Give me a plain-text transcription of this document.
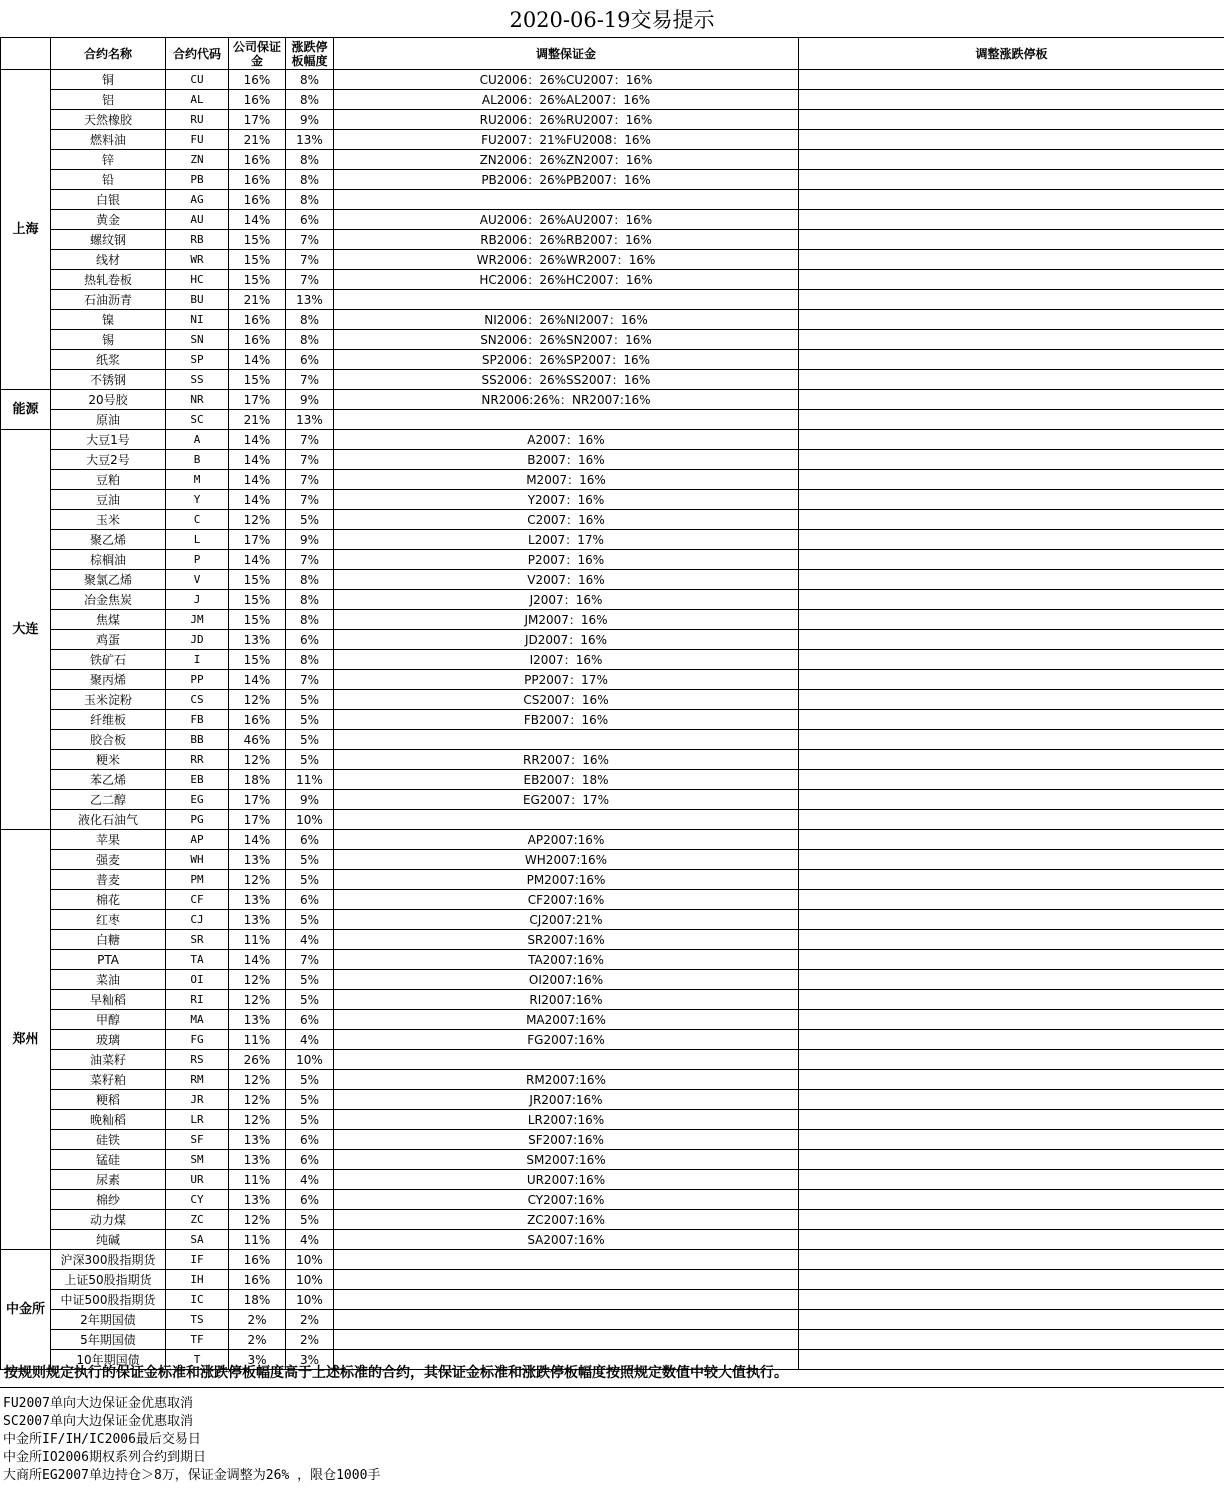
2020-06-19交易提示
	合约名称	合约代码	公司保证金	涨跌停板幅度	调整保证金	调整涨跌停板
上海	铜	CU	16%	8%	CU2006：26%CU2007：16%	
	铝	AL	16%	8%	AL2006：26%AL2007：16%	
	天然橡胶	RU	17%	9%	RU2006：26%RU2007：16%	
	燃料油	FU	21%	13%	FU2007：21%FU2008：16%	
	锌	ZN	16%	8%	ZN2006：26%ZN2007：16%	
	铅	PB	16%	8%	PB2006：26%PB2007：16%	
	白银	AG	16%	8%		
	黄金	AU	14%	6%	AU2006：26%AU2007：16%	
	螺纹钢	RB	15%	7%	RB2006：26%RB2007：16%	
	线材	WR	15%	7%	WR2006：26%WR2007：16%	
	热轧卷板	HC	15%	7%	HC2006：26%HC2007：16%	
	石油沥青	BU	21%	13%		
	镍	NI	16%	8%	NI2006：26%NI2007：16%	
	锡	SN	16%	8%	SN2006：26%SN2007：16%	
	纸浆	SP	14%	6%	SP2006：26%SP2007：16%	
	不锈钢	SS	15%	7%	SS2006：26%SS2007：16%	
能源	20号胶	NR	17%	9%	NR2006:26%：NR2007:16%	
	原油	SC	21%	13%		
大连	大豆1号	A	14%	7%	A2007：16%	
	大豆2号	B	14%	7%	B2007：16%	
	豆粕	M	14%	7%	M2007：16%	
	豆油	Y	14%	7%	Y2007：16%	
	玉米	C	12%	5%	C2007：16%	
	聚乙烯	L	17%	9%	L2007：17%	
	棕榈油	P	14%	7%	P2007：16%	
	聚氯乙烯	V	15%	8%	V2007：16%	
	冶金焦炭	J	15%	8%	J2007：16%	
	焦煤	JM	15%	8%	JM2007：16%	
	鸡蛋	JD	13%	6%	JD2007：16%	
	铁矿石	I	15%	8%	I2007：16%	
	聚丙烯	PP	14%	7%	PP2007：17%	
	玉米淀粉	CS	12%	5%	CS2007：16%	
	纤维板	FB	16%	5%	FB2007：16%	
	胶合板	BB	46%	5%		
	粳米	RR	12%	5%	RR2007：16%	
	苯乙烯	EB	18%	11%	EB2007：18%	
	乙二醇	EG	17%	9%	EG2007：17%	
	液化石油气	PG	17%	10%		
郑州	苹果	AP	14%	6%	AP2007:16%	
	强麦	WH	13%	5%	WH2007:16%	
	普麦	PM	12%	5%	PM2007:16%	
	棉花	CF	13%	6%	CF2007:16%	
	红枣	CJ	13%	5%	CJ2007:21%	
	白糖	SR	11%	4%	SR2007:16%	
	PTA	TA	14%	7%	TA2007:16%	
	菜油	OI	12%	5%	OI2007:16%	
	早籼稻	RI	12%	5%	RI2007:16%	
	甲醇	MA	13%	6%	MA2007:16%	
	玻璃	FG	11%	4%	FG2007:16%	
	油菜籽	RS	26%	10%		
	菜籽粕	RM	12%	5%	RM2007:16%	
	粳稻	JR	12%	5%	JR2007:16%	
	晚籼稻	LR	12%	5%	LR2007:16%	
	硅铁	SF	13%	6%	SF2007:16%	
	锰硅	SM	13%	6%	SM2007:16%	
	尿素	UR	11%	4%	UR2007:16%	
	棉纱	CY	13%	6%	CY2007:16%	
	动力煤	ZC	12%	5%	ZC2007:16%	
	纯碱	SA	11%	4%	SA2007:16%	
中金所	沪深300股指期货	IF	16%	10%		
	上证50股指期货	IH	16%	10%		
	中证500股指期货	IC	18%	10%		
	2年期国债	TS	2%	2%		
	5年期国债	TF	2%	2%		
	10年期国债	T	3%	3%		
按规则规定执行的保证金标准和涨跌停板幅度高于上述标准的合约，其保证金标准和涨跌停板幅度按照规定数值中较大值执行。
FU2007单向大边保证金优惠取消
SC2007单向大边保证金优惠取消
中金所IF/IH/IC2006最后交易日
中金所IO2006期权系列合约到期日
大商所EG2007单边持仓＞8万，保证金调整为26% ，限仓1000手
